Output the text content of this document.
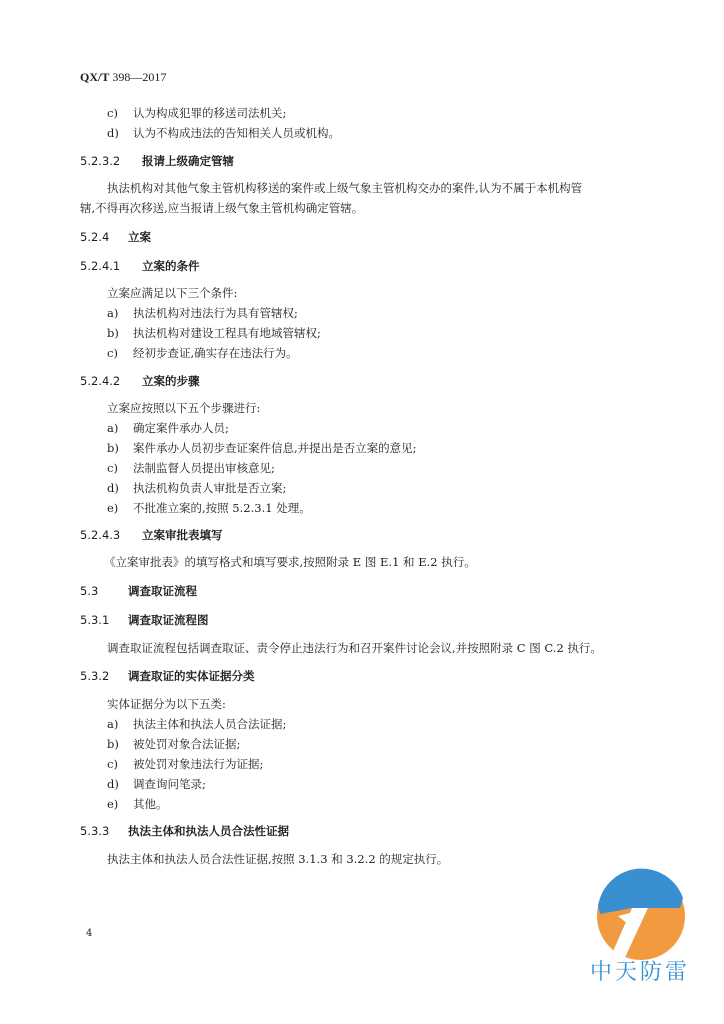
QX/T 398—2017
c) 认为构成犯罪的移送司法机关;
d) 认为不构成违法的告知相关人员或机构。
5.2.3.2 报请上级确定管辖
执法机构对其他气象主管机构移送的案件或上级气象主管机构交办的案件,认为不属于本机构管
辖,不得再次移送,应当报请上级气象主管机构确定管辖。
5.2.4 立案
5.2.4.1 立案的条件
立案应满足以下三个条件:
a) 执法机构对违法行为具有管辖权;
b) 执法机构对建设工程具有地域管辖权;
c) 经初步查证,确实存在违法行为。
5.2.4.2 立案的步骤
立案应按照以下五个步骤进行:
a) 确定案件承办人员;
b) 案件承办人员初步查证案件信息,并提出是否立案的意见;
c) 法制监督人员提出审核意见;
d) 执法机构负责人审批是否立案;
e) 不批准立案的,按照 5.2.3.1 处理。
5.2.4.3 立案审批表填写
《立案审批表》的填写格式和填写要求,按照附录 E 图 E.1 和 E.2 执行。
5.3	调查取证流程
5.3.1 调查取证流程图
调查取证流程包括调查取证、责令停止违法行为和召开案件讨论会议,并按照附录 C 图 C.2 执行。
5.3.2 调查取证的实体证据分类
实体证据分为以下五类:
a) 执法主体和执法人员合法证据;
b) 被处罚对象合法证据;
c) 被处罚对象违法行为证据;
d) 调查询问笔录;
e) 其他。
5.3.3 执法主体和执法人员合法性证据
执法主体和执法人员合法性证据,按照 3.1.3 和 3.2.2 的规定执行。
4
中天防雷
